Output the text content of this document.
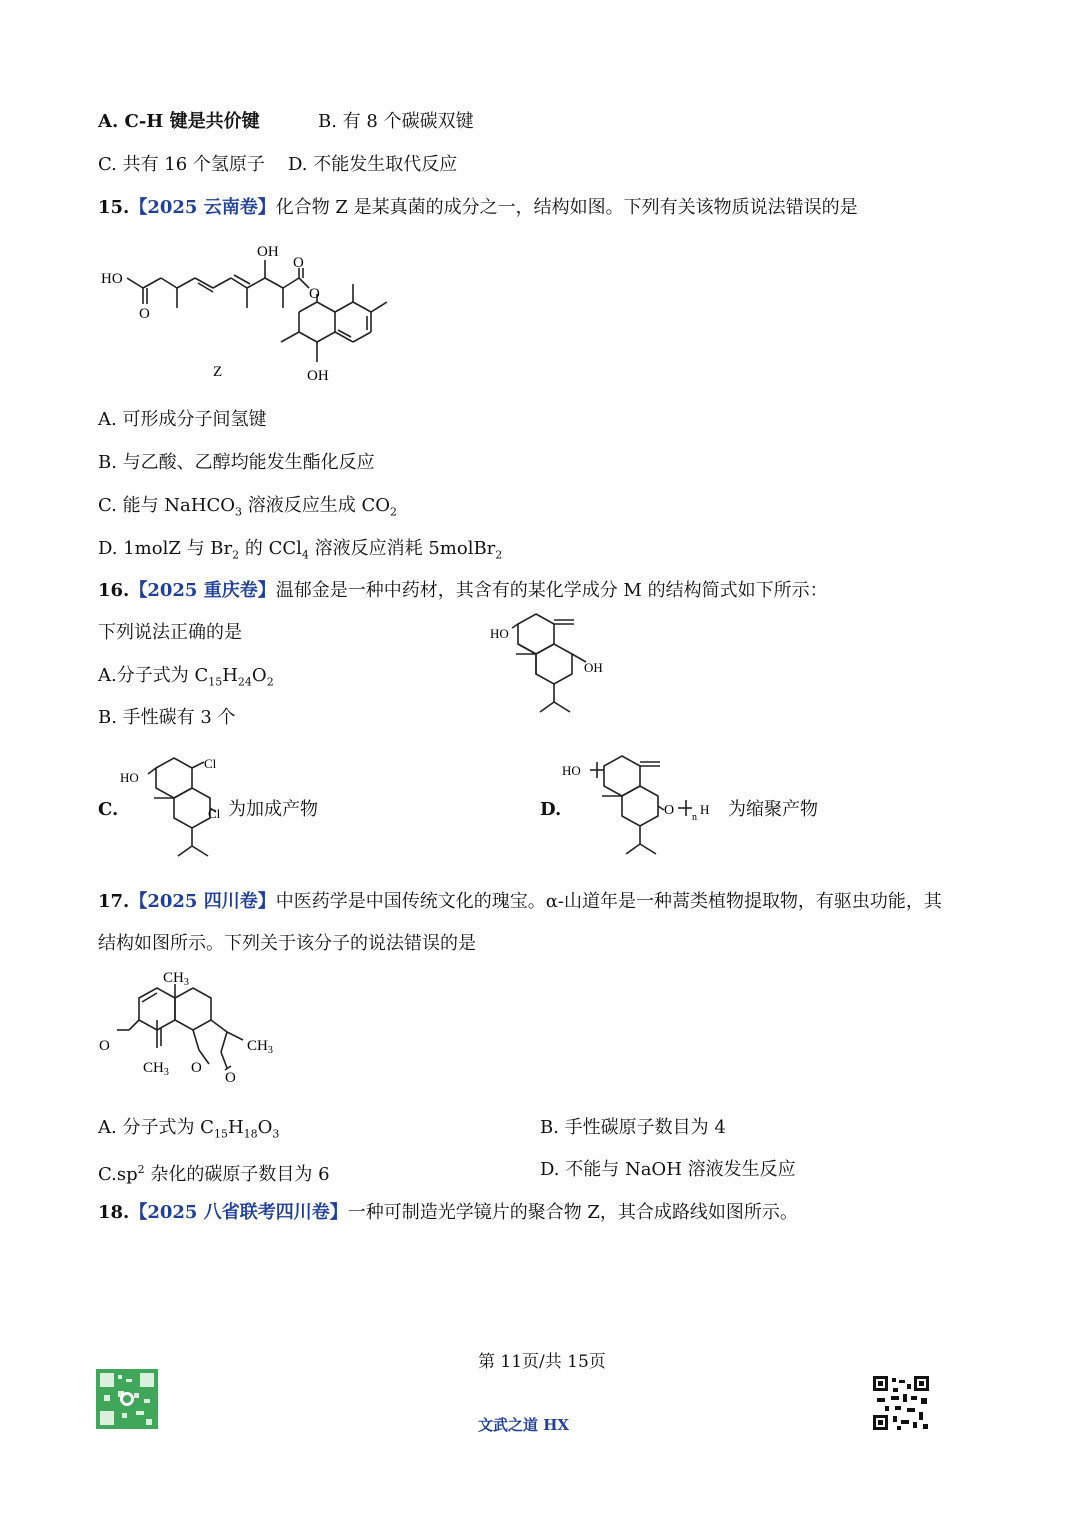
A. C-H 键是共价键	B. 有 8 个碳碳双键
C. 共有 16 个氢原子 D. 不能发生取代反应
15.【2025 云南卷】化合物 Z 是某真菌的成分之一，结构如图。下列有关该物质说法错误的是
HO
O
OH
O
O
OH
Z
A. 可形成分子间氢键
B. 与乙酸、乙醇均能发生酯化反应
C. 能与 NaHCO$_3$ 溶液反应生成 $CO_2$
D. 1molZ 与 $Br_2$ 的 CCl$_4$ 溶液反应消耗 5molBr$_2$
16.【2025 重庆卷】温郁金是一种中药材，其含有的某化学成分 M 的结构简式如下所示：
下列说法正确的是	HO
OH
A.分子式为 $C_{15}H_{24}O_2$
B. 手性碳有 3 个
C.
HO
Cl
Cl 为加成产物	D.
HO
O n
H 为缩聚产物
17.【2025 四川卷】中医药学是中国传统文化的瑰宝。α-山道年是一种蒿类植物提取物，有驱虫功能，其
结构如图所示。下列关于该分子的说法错误的是
$CH_3$
$CH_3$
$CH_3$
O
O
O
A. 分子式为 $C_{15}H_{18}O_3$	B. 手性碳原子数目为 4
$C.sp^2$ 杂化的碳原子数目为 6	D. 不能与 NaOH 溶液发生反应
18.【2025 八省联考四川卷】一种可制造光学镜片的聚合物 Z，其合成路线如图所示。
第 11页/共 15页
文武之道 HX
